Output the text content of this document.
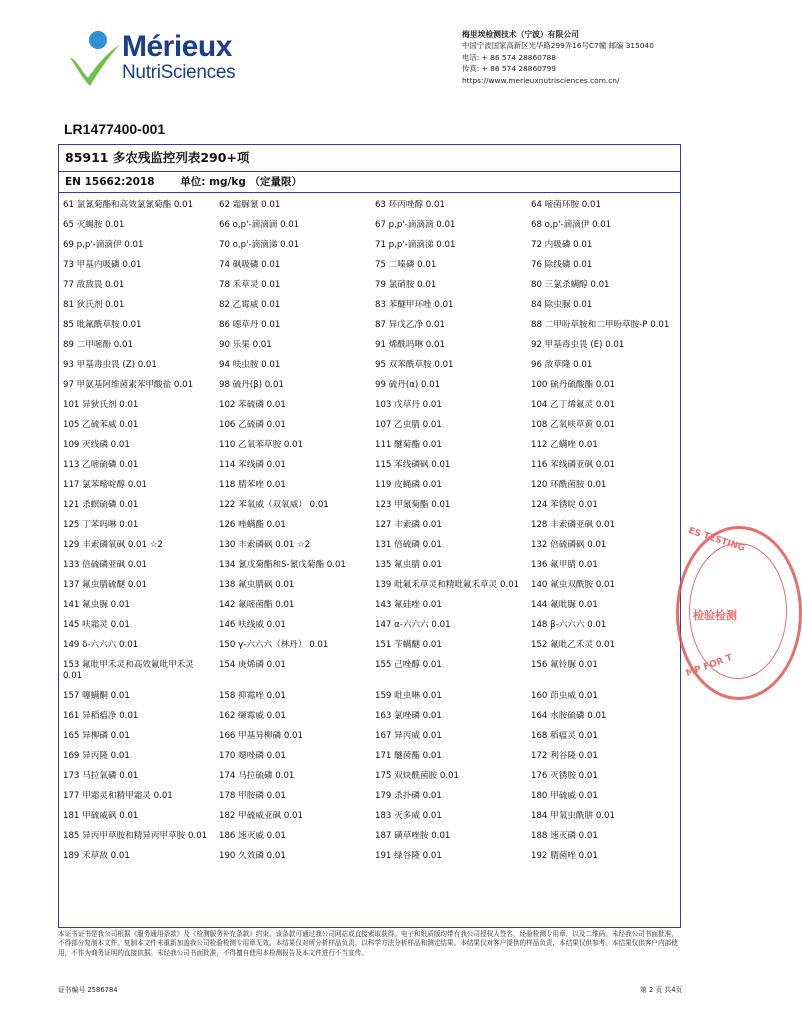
Mérieux
NutriSciences
梅里埃检测技术（宁波）有限公司
中国宁波国家高新区光华路299弄16号C7幢 邮编 315040
电话: + 86 574 28860788
传真: + 86 574 28860799
https://www.merieuxnutrisciences.com.cn/
LR1477400-001
85911 多农残监控列表290+项
EN 15662:2018 单位: mg/kg （定量限）
61 氯氰菊酯和高效氯氰菊酯 0.01	62 霜脲氰 0.01	63 环丙唑醇 0.01	64 嘧菌环胺 0.01
65 灭蝇胺 0.01	66 o,p'-滴滴滴 0.01	67 p,p'-滴滴滴 0.01	68 o,p'-滴滴伊 0.01
69 p,p'-滴滴伊 0.01	70 o,p'-滴滴涕 0.01	71 p,p'-滴滴涕 0.01	72 内吸磷 0.01
73 甲基内吸磷 0.01	74 砜吸磷 0.01	75 二嗪磷 0.01	76 除线磷 0.01
77 敌敌畏 0.01	78 禾草灵 0.01	79 氯硝胺 0.01	80 三氯杀螨醇 0.01
81 狄氏剂 0.01	82 乙霉威 0.01	83 苯醚甲环唑 0.01	84 除虫脲 0.01
85 吡氟酰草胺 0.01	86 噁草丹 0.01	87 异戊乙净 0.01	88 二甲吩草胺和二甲吩草胺-P 0.01
89 二甲嘧酚 0.01	90 乐果 0.01	91 烯酰吗啉 0.01	92 甲基毒虫畏 (E) 0.01
93 甲基毒虫畏 (Z) 0.01	94 呋虫胺 0.01	95 双苯酰草胺 0.01	96 敌草隆 0.01
97 甲氨基阿维菌素苯甲酸盐 0.01	98 硫丹(β) 0.01	99 硫丹(α) 0.01	100 硫丹硫酸酯 0.01
101 异狄氏剂 0.01	102 苯硫磷 0.01	103 戊草丹 0.01	104 乙丁烯氟灵 0.01
105 乙硫苯威 0.01	106 乙硫磷 0.01	107 乙虫腈 0.01	108 乙氧呋草黄 0.01
109 灭线磷 0.01	110 乙氧苯草胺 0.01	111 醚菊酯 0.01	112 乙螨唑 0.01
113 乙嘧硫磷 0.01	114 苯线磷 0.01	115 苯线磷砜 0.01	116 苯线磷亚砜 0.01
117 氯苯嘧啶醇 0.01	118 腈苯唑 0.01	119 皮蝇磷 0.01	120 环酰菌胺 0.01
121 杀螟硫磷 0.01	122 苯氧威（双氧威） 0.01	123 甲氰菊酯 0.01	124 苯锈啶 0.01
125 丁苯吗啉 0.01	126 唑螨酯 0.01	127 丰索磷 0.01	128 丰索磷亚砜 0.01
129 丰索磷氧砜 0.01 ☆2	130 丰索磷砜 0.01 ☆2	131 倍硫磷 0.01	132 倍硫磷砜 0.01
133 倍硫磷亚砜 0.01	134 氰戊菊酯和S-氰戊菊酯 0.01	135 氟虫腈 0.01	136 氟甲腈 0.01
137 氟虫腈硫醚 0.01	138 氟虫腈砜 0.01	139 吡氟禾草灵和精吡氟禾草灵 0.01	140 氟虫双酰胺 0.01
141 氟虫脲 0.01	142 氟嘧菌酯 0.01	143 氟硅唑 0.01	144 氟吡脲 0.01
145 呋霜灵 0.01	146 呋线威 0.01	147 α-六六六 0.01	148 β-六六六 0.01
149 δ-六六六 0.01	150 γ-六六六（林丹） 0.01	151 苄螨醚 0.01	152 氟吡乙禾灵 0.01
153 氟吡甲禾灵和高效氟吡甲禾灵 0.01
154 庚烯磷 0.01	155 己唑醇 0.01	156 氟铃脲 0.01
157 噻螨酮 0.01	158 抑霉唑 0.01	159 吡虫啉 0.01	160 茚虫威 0.01
161 异稻瘟净 0.01	162 缬霉威 0.01	163 氯唑磷 0.01	164 水胺硫磷 0.01
165 异柳磷 0.01	166 甲基异柳磷 0.01	167 异丙威 0.01	168 稻瘟灵 0.01
169 异丙隆 0.01	170 噁唑磷 0.01	171 醚菌酯 0.01	172 利谷隆 0.01
173 马拉氧磷 0.01	174 马拉硫磷 0.01	175 双炔酰菌胺 0.01	176 灭锈胺 0.01
177 甲霜灵和精甲霜灵 0.01	178 甲胺磷 0.01	179 杀扑磷 0.01	180 甲硫威 0.01
181 甲硫威砜 0.01	182 甲硫威亚砜 0.01	183 灭多威 0.01	184 甲氧虫酰肼 0.01
185 异丙甲草胺和精异丙甲草胺 0.01	186 速灭威 0.01	187 磺草唑胺 0.01	188 速灭磷 0.01
189 禾草敌 0.01	190 久效磷 0.01	191 绿谷隆 0.01	192 腈菌唑 0.01
ES TESTING
检验检测
MP FOR T
本证书证书是我公司根据《服务通用条款》及《检测服务补充条款》约束。该条款可通过我公司网站或直接索取获得。电子和纸质版均带有我公司授权人签名，经验检测专用章，以及二维码。未经我公司书面批准，不得部分复制本文件。复制本文件未重新加盖我公司检验检测专用章无效。本结果仅对所分析样品负责，以科学方法分析样品和测定结果。本结果仅对客户提供的样品负责，本结果仅供参考。本结果仅供客户内部使用，不作为商务证明的直接依据。未经我公司书面批准，不得擅自使用本检测报告及本文件进行不当宣传。
证书编号 2586784	第 2 页 共4页
